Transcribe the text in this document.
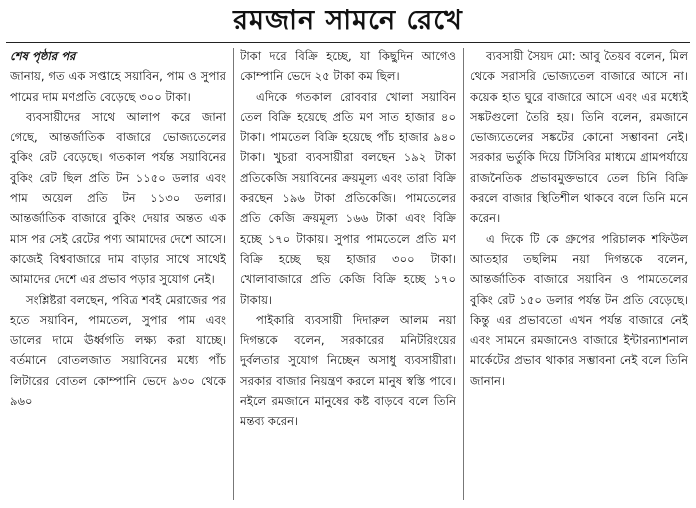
রমজান সামনে রেখে

শেষ পৃষ্ঠার পর
জানায়, গত এক সপ্তাহে সয়াবিন, পাম ও সুপার পামের দাম মণপ্রতি বেড়েছে ৩০০ টাকা।

ব্যবসায়ীদের সাথে আলাপ করে জানা গেছে, আন্তর্জাতিক বাজারে ভোজ্যতেলের বুকিং রেট বেড়েছে। গতকাল পর্যন্ত সয়াবিনের বুকিং রেট ছিল প্রতি টন ১১৫০ ডলার এবং পাম অয়েল প্রতি টন ১১৩০ ডলার। আন্তর্জাতিক বাজারে বুকিং দেয়ার অন্তত এক মাস পর সেই রেটের পণ্য আমাদের দেশে আসে। কাজেই বিশ্ববাজারে দাম বাড়ার সাথে সাথেই আমাদের দেশে এর প্রভাব পড়ার সুযোগ নেই।

সংশ্লিষ্টরা বলছেন, পবিত্র শবই মেরাজের পর হতে সয়াবিন, পামতেল, সুপার পাম এবং ডালের দামে ঊর্ধ্বগতি লক্ষ্য করা যাচ্ছে। বর্তমানে বোতলজাত সয়াবিনের মধ্যে পাঁচ লিটারের বোতল কোম্পানি ভেদে ৯৩০ থেকে ৯৬০

টাকা দরে বিক্রি হচ্ছে, যা কিছুদিন আগেও কোম্পানি ভেদে ২৫ টাকা কম ছিল।

এদিকে গতকাল রোববার খোলা সয়াবিন তেল বিক্রি হয়েছে প্রতি মণ সাত হাজার ৪০ টাকা। পামতেল বিক্রি হয়েছে পাঁচ হাজার ৯৪০ টাকা। খুচরা ব্যবসায়ীরা বলছেন ১৯২ টাকা প্রতিকেজি সয়াবিনের ক্রয়মূল্য এবং তারা বিক্রি করছেন ১৯৬ টাকা প্রতিকেজি। পামতেলের প্রতি কেজি ক্রয়মূল্য ১৬৬ টাকা এবং বিক্রি হচ্ছে ১৭০ টাকায়। সুপার পামতেলে প্রতি মণ বিক্রি হচ্ছে ছয় হাজার ৩০০ টাকা। খোলাবাজারে প্রতি কেজি বিক্রি হচ্ছে ১৭০ টাকায়।

পাইকারি ব্যবসায়ী দিদারুল আলম নয়া দিগন্তকে বলেন, সরকারের মনিটরিংয়ের দুর্বলতার সুযোগ নিচ্ছেন অসাধু ব্যবসায়ীরা। সরকার বাজার নিয়ন্ত্রণ করলে মানুষ স্বস্তি পাবে। নইলে রমজানে মানুষের কষ্ট বাড়বে বলে তিনি মন্তব্য করেন।

ব্যবসায়ী সৈয়দ মো: আবু তৈয়ব বলেন, মিল থেকে সরাসরি ভোজ্যতেল বাজারে আসে না। কয়েক হাত ঘুরে বাজারে আসে এবং এর মধ্যেই সঙ্কটগুলো তৈরি হয়। তিনি বলেন, রমজানে ভোজ্যতেলের সঙ্কটের কোনো সম্ভাবনা নেই। সরকার ভর্তুকি দিয়ে টিসিবির মাধ্যমে গ্রামপর্যায়ে রাজনৈতিক প্রভাবমুক্তভাবে তেল চিনি বিক্রি করলে বাজার স্থিতিশীল থাকবে বলে তিনি মনে করেন।

এ দিকে টি কে গ্রুপের পরিচালক শফিউল আতহার তছলিম নয়া দিগন্তকে বলেন, আন্তর্জাতিক বাজারে সয়াবিন ও পামতেলের বুকিং রেট ১৫০ ডলার পর্যন্ত টন প্রতি বেড়েছে। কিন্তু এর প্রভাবতো এখন পর্যন্ত বাজারে নেই এবং সামনে রমজানেও বাজারে ইন্টারন্যাশনাল মার্কেটের প্রভাব থাকার সম্ভাবনা নেই বলে তিনি জানান।
